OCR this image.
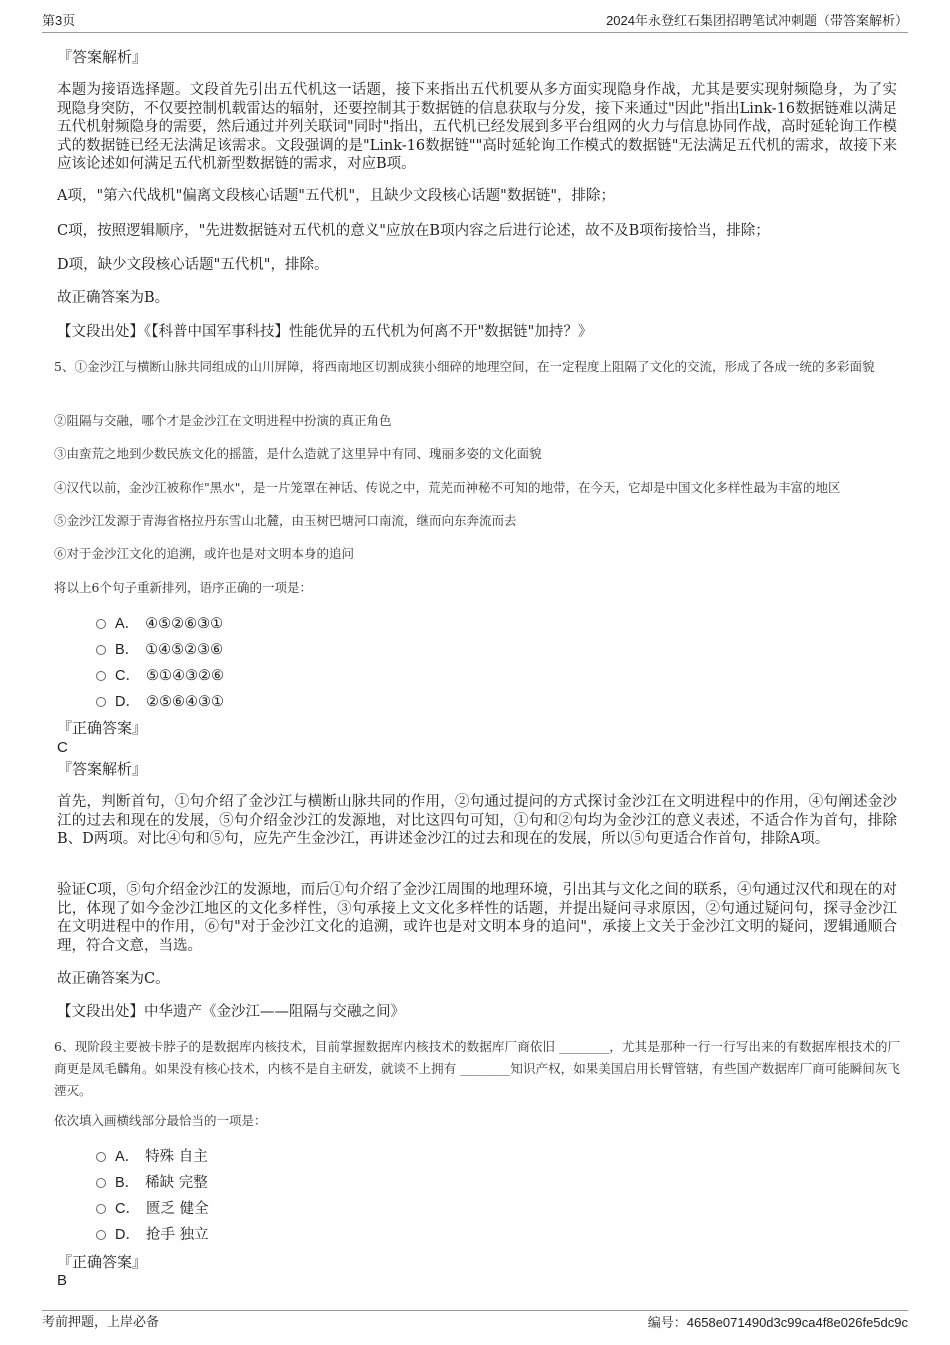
第3页	2024年永登红石集团招聘笔试冲刺题（带答案解析）
『答案解析』
本题为接语选择题。文段首先引出五代机这一话题，接下来指出五代机要从多方面实现隐身作战，尤其是要实现射频隐身，为了实现隐身突防，不仅要控制机载雷达的辐射，还要控制其于数据链的信息获取与分发，接下来通过"因此"指出Link-16数据链难以满足五代机射频隐身的需要，然后通过并列关联词"同时"指出，五代机已经发展到多平台组网的火力与信息协同作战，高时延轮询工作模式的数据链已经无法满足该需求。文段强调的是"Link-16数据链""高时延轮询工作模式的数据链"无法满足五代机的需求，故接下来应该论述如何满足五代机新型数据链的需求，对应B项。
A项，"第六代战机"偏离文段核心话题"五代机"，且缺少文段核心话题"数据链"，排除；
C项，按照逻辑顺序，"先进数据链对五代机的意义"应放在B项内容之后进行论述，故不及B项衔接恰当，排除；
D项，缺少文段核心话题"五代机"，排除。
故正确答案为B。
【文段出处】《【科普中国军事科技】性能优异的五代机为何离不开"数据链"加持？》
5、①金沙江与横断山脉共同组成的山川屏障，将西南地区切割成狭小细碎的地理空间，在一定程度上阻隔了文化的交流，形成了各成一统的多彩面貌
②阻隔与交融，哪个才是金沙江在文明进程中扮演的真正角色
③由蛮荒之地到少数民族文化的摇篮，是什么造就了这里异中有同、瑰丽多姿的文化面貌
④汉代以前，金沙江被称作"黑水"，是一片笼罩在神话、传说之中，荒芜而神秘不可知的地带，在今天，它却是中国文化多样性最为丰富的地区
⑤金沙江发源于青海省格拉丹东雪山北麓，由玉树巴塘河口南流，继而向东奔流而去
⑥对于金沙江文化的追溯，或许也是对文明本身的追问
将以上6个句子重新排列，语序正确的一项是：
A． ④⑤②⑥③①
B． ①④⑤②③⑥
C． ⑤①④③②⑥
D． ②⑤⑥④③①
『正确答案』
C
『答案解析』
首先，判断首句，①句介绍了金沙江与横断山脉共同的作用，②句通过提问的方式探讨金沙江在文明进程中的作用，④句阐述金沙江的过去和现在的发展，⑤句介绍金沙江的发源地，对比这四句可知，①句和②句均为金沙江的意义表述，不适合作为首句，排除B、D两项。对比④句和⑤句，应先产生金沙江，再讲述金沙江的过去和现在的发展，所以⑤句更适合作首句，排除A项。
验证C项，⑤句介绍金沙江的发源地，而后①句介绍了金沙江周围的地理环境，引出其与文化之间的联系，④句通过汉代和现在的对比，体现了如今金沙江地区的文化多样性，③句承接上文文化多样性的话题，并提出疑问寻求原因，②句通过疑问句，探寻金沙江在文明进程中的作用，⑥句"对于金沙江文化的追溯，或许也是对文明本身的追问"，承接上文关于金沙江文明的疑问，逻辑通顺合理，符合文意，当选。
故正确答案为C。
【文段出处】中华遗产《金沙江——阻隔与交融之间》
6、现阶段主要被卡脖子的是数据库内核技术，目前掌握数据库内核技术的数据库厂商依旧 ________，尤其是那种一行一行写出来的有数据库根技术的厂商更是凤毛麟角。如果没有核心技术，内核不是自主研发，就谈不上拥有 ________知识产权，如果美国启用长臂管辖，有些国产数据库厂商可能瞬间灰飞湮灭。
依次填入画横线部分最恰当的一项是：
A． 特殊 自主
B． 稀缺 完整
C． 匮乏 健全
D． 抢手 独立
『正确答案』
B
考前押题，上岸必备	编号：4658e071490d3c99ca4f8e026fe5dc9c
